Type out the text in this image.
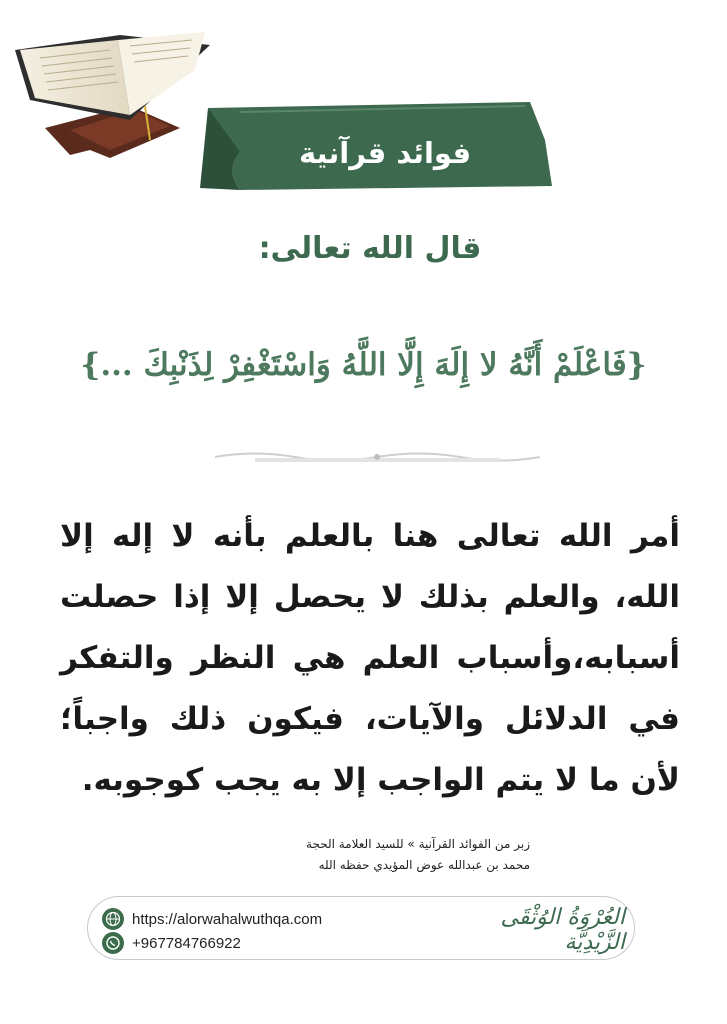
فوائد قرآنية
قال الله تعالى:
{فَاعْلَمْ أَنَّهُ لا إِلَهَ إِلَّا اللَّهُ وَاسْتَغْفِرْ لِذَنْبِكَ ...}
أمر الله تعالى هنا بالعلم بأنه لا إله إلا الله، والعلم بذلك لا يحصل إلا إذا حصلت أسبابه،وأسباب العلم هي النظر والتفكر في الدلائل والآيات، فيكون ذلك واجباً؛ لأن ما لا يتم الواجب إلا به يجب كوجوبه.
زبر من الفوائد القرآنية » للسيد العلامة الحجة
محمد بن عبدالله عوض المؤيدي حفظه الله
https://alorwahalwuthqa.com
+967784766922
العُرْوَةُ الوُثْقَى الزَّيْدِيَّة
